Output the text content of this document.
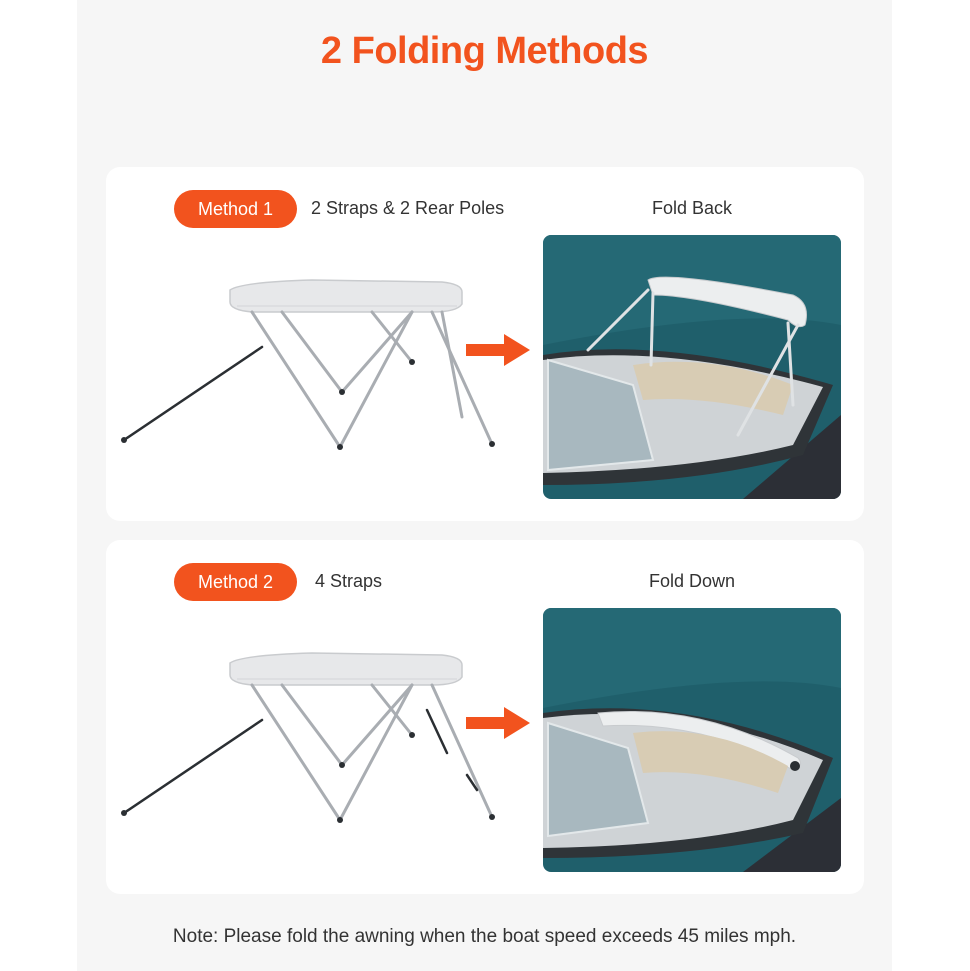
2 Folding Methods
Method 1	2 Straps & 2 Rear Poles	Fold Back
Method 2	4 Straps	Fold Down
Note: Please fold the awning when the boat speed exceeds 45 miles mph.
